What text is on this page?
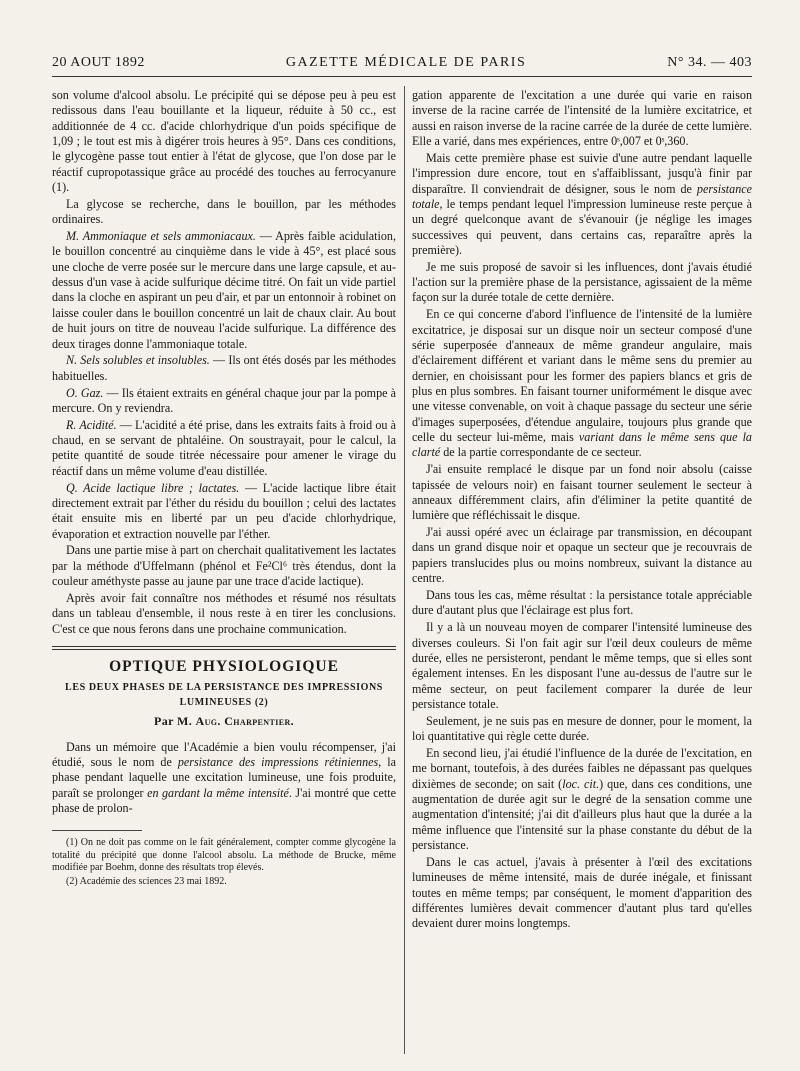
20 AOUT 1892	GAZETTE MÉDICALE DE PARIS	N° 34. — 403

son volume d'alcool absolu. Le précipité qui se dépose peu à peu est redissous dans l'eau bouillante et la liqueur, réduite à 50 cc., est additionnée de 4 cc. d'acide chlorhydrique d'un poids spécifique de 1,09 ; le tout est mis à digérer trois heures à 95°. Dans ces conditions, le glycogène passe tout entier à l'état de glycose, que l'on dose par le réactif cupropotassique grâce au procédé des touches au ferrocyanure (1).

La glycose se recherche, dans le bouillon, par les méthodes ordinaires.

M. Ammoniaque et sels ammoniacaux. — Après faible acidulation, le bouillon concentré au cinquième dans le vide à 45°, est placé sous une cloche de verre posée sur le mercure dans une large capsule, et au-dessus d'un vase à acide sulfurique décime titré. On fait un vide partiel dans la cloche en aspirant un peu d'air, et par un entonnoir à robinet on laisse couler dans le bouillon concentré un lait de chaux clair. Au bout de huit jours on titre de nouveau l'acide sulfurique. La différence des deux tirages donne l'ammoniaque totale.

N. Sels solubles et insolubles. — Ils ont étés dosés par les méthodes habituelles.

O. Gaz. — Ils étaient extraits en général chaque jour par la pompe à mercure. On y reviendra.

R. Acidité. — L'acidité a été prise, dans les extraits faits à froid ou à chaud, en se servant de phtaléine. On soustrayait, pour le calcul, la petite quantité de soude titrée nécessaire pour amener le virage du réactif dans un même volume d'eau distillée.

Q. Acide lactique libre ; lactates. — L'acide lactique libre était directement extrait par l'éther du résidu du bouillon ; celui des lactates était ensuite mis en liberté par un peu d'acide chlorhydrique, évaporation et extraction nouvelle par l'éther.

Dans une partie mise à part on cherchait qualitativement les lactates par la méthode d'Uffelmann (phénol et Fe²Cl⁶ très étendus, dont la couleur améthyste passe au jaune par une trace d'acide lactique).

Après avoir fait connaître nos méthodes et résumé nos résultats dans un tableau d'ensemble, il nous reste à en tirer les conclusions. C'est ce que nous ferons dans une prochaine communication.

OPTIQUE PHYSIOLOGIQUE
LES DEUX PHASES DE LA PERSISTANCE DES IMPRESSIONS
LUMINEUSES (2)
Par M. Aug. Charpentier.

Dans un mémoire que l'Académie a bien voulu récompenser, j'ai étudié, sous le nom de persistance des impressions rétiniennes, la phase pendant laquelle une excitation lumineuse, une fois produite, paraît se prolonger en gardant la même intensité. J'ai montré que cette phase de prolon-

(1) On ne doit pas comme on le fait généralement, compter comme glycogène la totalité du précipité que donne l'alcool absolu. La méthode de Brucke, même modifiée par Boehm, donne des résultats trop élevés.

(2) Académie des sciences 23 mai 1892.

gation apparente de l'excitation a une durée qui varie en raison inverse de la racine carrée de l'intensité de la lumière excitatrice, et aussi en raison inverse de la racine carrée de la durée de cette lumière. Elle a varié, dans mes expériences, entre 0ˢ,007 et 0ˢ,360.

Mais cette première phase est suivie d'une autre pendant laquelle l'impression dure encore, tout en s'affaiblissant, jusqu'à finir par disparaître. Il conviendrait de désigner, sous le nom de persistance totale, le temps pendant lequel l'impression lumineuse reste perçue à un degré quelconque avant de s'évanouir (je néglige les images successives qui peuvent, dans certains cas, reparaître après la première).

Je me suis proposé de savoir si les influences, dont j'avais étudié l'action sur la première phase de la persistance, agissaient de la même façon sur la durée totale de cette dernière.

En ce qui concerne d'abord l'influence de l'intensité de la lumière excitatrice, je disposai sur un disque noir un secteur composé d'une série superposée d'anneaux de même grandeur angulaire, mais d'éclairement différent et variant dans le même sens du premier au dernier, en choisissant pour les former des papiers blancs et gris de plus en plus sombres. En faisant tourner uniformément le disque avec une vitesse convenable, on voit à chaque passage du secteur une série d'images superposées, d'étendue angulaire, toujours plus grande que celle du secteur lui-même, mais variant dans le même sens que la clarté de la partie correspondante de ce secteur.

J'ai ensuite remplacé le disque par un fond noir absolu (caisse tapissée de velours noir) en faisant tourner seulement le secteur à anneaux différemment clairs, afin d'éliminer la petite quantité de lumière que réfléchissait le disque.

J'ai aussi opéré avec un éclairage par transmission, en découpant dans un grand disque noir et opaque un secteur que je recouvrais de papiers translucides plus ou moins nombreux, suivant la distance au centre.

Dans tous les cas, même résultat : la persistance totale appréciable dure d'autant plus que l'éclairage est plus fort.

Il y a là un nouveau moyen de comparer l'intensité lumineuse des diverses couleurs. Si l'on fait agir sur l'œil deux couleurs de même durée, elles ne persisteront, pendant le même temps, que si elles sont également intenses. En les disposant l'une au-dessus de l'autre sur le même secteur, on peut facilement comparer la durée de leur persistance totale.

Seulement, je ne suis pas en mesure de donner, pour le moment, la loi quantitative qui règle cette durée.

En second lieu, j'ai étudié l'influence de la durée de l'excitation, en me bornant, toutefois, à des durées faibles ne dépassant pas quelques dixièmes de seconde; on sait (loc. cit.) que, dans ces conditions, une augmentation de durée agit sur le degré de la sensation comme une augmentation d'intensité; j'ai dit d'ailleurs plus haut que la durée a la même influence que l'intensité sur la phase constante du début de la persistance.

Dans le cas actuel, j'avais à présenter à l'œil des excitations lumineuses de même intensité, mais de durée inégale, et finissant toutes en même temps; par conséquent, le moment d'apparition des différentes lumières devait commencer d'autant plus tard qu'elles devaient durer moins longtemps.
